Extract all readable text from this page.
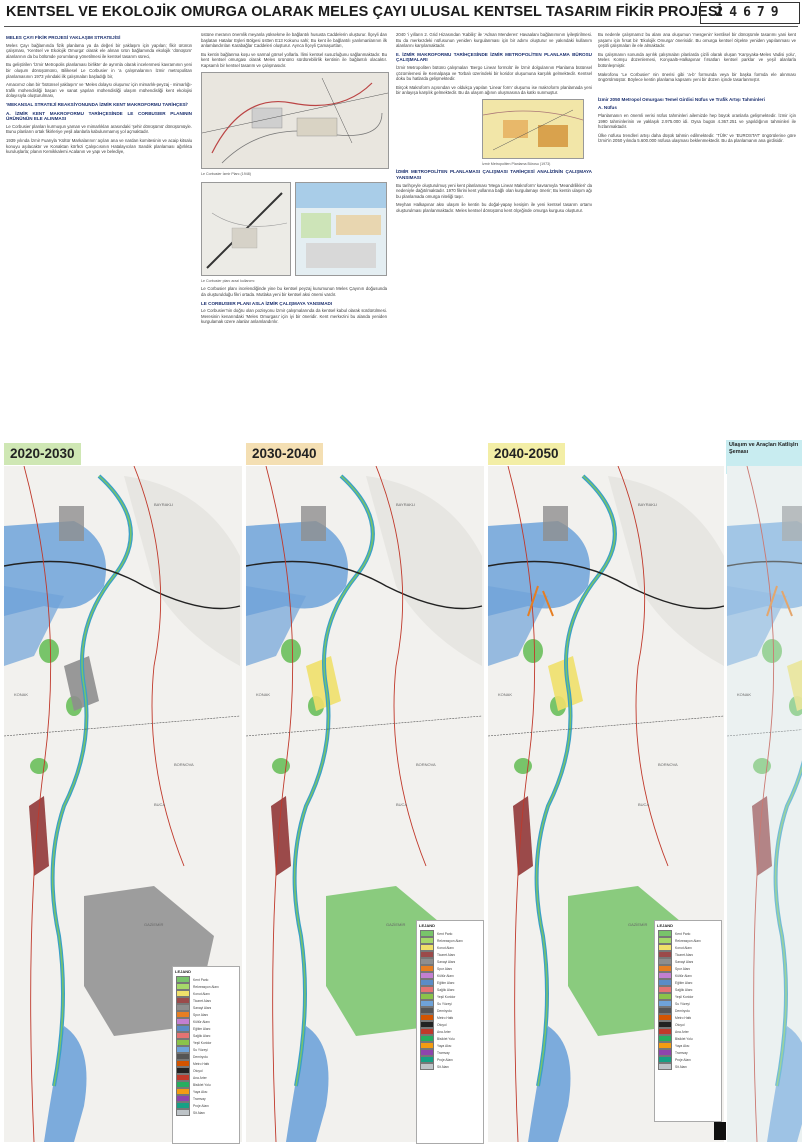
KENTSEL VE EKOLOJİK OMURGA OLARAK MELES ÇAYI ULUSAL KENTSEL TASARIM FİKİR PROJESİ
24679
MELES ÇAYI FİKİR PROJESİ YAKLAŞIM STRATEJİSİ

Meles Çayı bağlamında fizik planlama ya da değeri bir yaklaşım için yapılan; fikir ürünün çalışması, ‘Kentsel ve Ekolojik Omurga’ olarak ele alınan ürün bağlamında ekolojik ‘dönüşüm’ alanlarının da bu bölümde yorumlanıp yönetilmesi ile kentsel tasarım süreci,

Bu geliştirilen ‘İzmir Metropolis planlaması birlikte’ de ayrımla olarak incelenmesi kavramının yeni bir oluşum dönüşümünü, Bilikesel Le Corbusier in ‘a çalışmalarının İzmir metropolitan planlamasının 1973 yılındaki ilk çalışmaları başladığı bir,

Amacımız olan bir ‘bütünsel yaklaşım’ ve ‘Meles dolaysı oluşumu’ için mimarlık-peyzaj - mimarlığı-trafik mühendisliği başarı ve sanat yapıları mühendisliği ulaşım mühendisliği kent ekolojisi dolayısıyla oluşturulması,

‘MEKANSAL STRATEJİ REAKSİYONUNDA İZMİR KENT MAKROFORMU TARİHÇESİ’
A. İZMİR KENT MAKROFORMU TARİHÇESİNDE LE CORBUSIER PLANININ ÜRÜNÜNÜN ELE ALINMASI

Le Corbusier planları kurmuşun yaman ve mimarlıkları arasındaki ‘şehir dönüşümü’ dönüşümüyle. Bunu planların ortak fikirleriye yeşil alanlarla kabulunmamış yol açmaktadır.

1939 yılında İzmir Fuarıyla ‘Kültür Markalarının’ açıları ana ve nardan komitesinin ve acaip kitsalu konuyu aşılacaktır ve Konaktan körfezi Çalışıcısının Hatalayıcıları Sandık planlaması ağırlıkta kuruluşlarla; planın Kemikkalemi Acalanın ve yapı ve belediye,

üstüne meranın önemlik meyanla yüksekme ile bağlantılı hususta Caddelerin oluşturur. İlçeyli dan başlatan Hatalar Eşleri Bölgesi üstten E13 Kokunu sahi; Bu kent ile bağlantılı yanlımanlarının ilk anlamlandırılan Karabağlar Caddeleri oluşturur. Aynca İlçeyli Çamaşurtları,

Bu kentin bağlanma koşu ve sarmal görsel yollarla. İlimi kentsel susuzluğunu sağlanmaktadır. Bu kent kentsel omurgası olarak Meles ürününü sürdürebilirlik kentinin ile bağlantılı olacaktır. Kapsamlı bir kentsel tasarım ve çalışmasıdır.

Le Corbusier İzmir Planı (1948)
Le Corbusier planı arazi kullanımı

Le Corbusier planı incelendiğinde yine bu kentsel peyzaj kurumunun Meles Çayının doğusunda da oluşturulduğu fikri ortada. Mutlaka yeni bir kentsel aksi önemi vardır.

LE CORBUSIER PLANI ASLA İZMİR ÇALIŞMAYA YANSIMADI

Le Corbusier'nin doğru olan pozisyonu İzmir çalışmalarında da kentsel kabul olarak sürdürülmesi. Meresinin kenarındaki ‘Meles Omurgası’ için iyi bir öneridir. Kent merkezini bu alanda yeniden kurgulamak üzere alanlar anlamlandırılır.

2040 ‘i yılların 2. Grid Hizasından ‘Kabiliş’ ile ‘Adnan Menderes’ Havaalanı bağlanımının iyileştirilmesi. Bu da merkezdeki nüfusunun yeniden kurgulanması için bir adımı oluşturur ve yakındaki kullanım alanlarını karşılamaktadır.

II. İZMİR MAKROFORMU TARİHÇESİNDE İZMİR METROPOLİTEN PLANLAMA BÜROSU ÇALIŞMALARI

İzmir Metropoliten bütünü çalışmaları ‘Bergo Linear formülü’ ile İzmir dolgularının Planlama bütünsel çözümlemesi ile Kemalpaşa ve Torbalı üzerindeki bir koridor oluşumuna karşılık gelmektedir. Kentsel doku bu hatlarda gelişmektedir.

Birçok Makroform açısından ve oldukça yapılan ‘Linear form’ oluşumu ise makroform planlamada yeni bir anlayışa karşılık gelmektedir. Bu da ulaşım ağının oluşmasına da katkı sunmuştur.

İzmir Metropoliten Planlama Bürosu (1973)
İZMİR METROPOLİTEN PLANLAMASI ÇALIŞMASI TARİHÇESİ ANALİZİNİN ÇALIŞMAYA YANSIMASI

Bu tarihçeyle oluşturulmuş yeni kent planlaması ‘Mega Linear Makroform’ kavramıyla ‘Meandrilikleri’ da nedeniyle dağıtılmaktadır. 1970 fikrini kent yollarına bağlı olan kurgulamayı önerir; Bu kentin ulaşım ağı bu planlamada omurga niteliği taşır.

Meyhan Halkapınar aksı ulaşım ile kentin bu doğal-yapay kesişim ile yeni kentsel tasarım ortamı oluşturulması planlanmaktadır. Meles kentsel dönüşümü kent ölçeğinde omurga kurgusu oluşturur.

Bu nedenle çalışmamız bu alanı ana oluşumun ‘mesgenin’ kentlisel bir dönüşümle tasarımı yani kent yaşamı için fırsat bir ‘Ekolojik Omurga’ önerisidir. Bu omurga kentsel ölçekte yeniden yapılanması ve çeşitli çalışmaları ile ele almaktadır.

Bu çalışmanın sonunda ayrılık çalışmaları planlarda çizili olarak oluşan ‘Karşıyaka-Meles Vadisi yolu’, Meles Komşu düzenlemesi, Konyaaltı-Halkapınar fırsatları kentsel parklar ve yeşil alanlarla bütünleşmiştir.

Makrofonu ‘Le Corbusier’ nin önerisi gibi ‘a-b’ formunda veya bir başka formda ele alınması öngörülmüştür. Böylece kentin planlama kapsamı yeni bir düzen içinde tasarlanmıştır.

İzmir 2050 Metropol Omurgası Temel Girdisi Nüfus ve Trafik Artışı Tahminleri
A. Nüfus

Planlamanın en önemli verisi nüfus tahminleri ailemizde hep büyük oranlarla gelişmektedir. İzmir için 1990 tahminlerinin ve yaklaşık 2.975.000 idi. Oysa bugün 4.367.251 ve yapıldığının tahminleri ile hızlanmaktadır.

Ülke nüfusu trendleri artışı daha düşük tahmin edilmektedir. ‘TÜİK’ ve ‘EUROSTAT’ öngörülerine göre İzmir'in 2050 yılında 5.600.000 nüfusa ulaşması beklenmektedir. Bu da planlamanın ana girdisidir.

2020-2030	2030-2040	2040-2050
Ulaşım ve Araçları Katlişlrı Şeması
BAYRAKLI
BORNOVA
BUCA
GAZİEMİR
KONAK
BAYRAKLI
BORNOVA
BUCA
GAZİEMİR
KONAK
BAYRAKLI
BORNOVA
BUCA
GAZİEMİR
KONAK	KONAK
LEJAND
Kent Parkı
Rekreasyon Alanı
Konut Alanı
Ticaret Alanı
Sanayi Alanı
Spor Alanı
Kültür Alanı
Eğitim Alanı
Sağlık Alanı
Yeşil Koridor
Su Yüzeyi
Demiryolu
Metro Hattı
Otoyol
Ana Arter
Bisiklet Yolu
Yaya Aksı
Tramvay
Proje Alanı
Sit Alanı
LEJAND
Kent Parkı
Rekreasyon Alanı
Konut Alanı
Ticaret Alanı
Sanayi Alanı
Spor Alanı
Kültür Alanı
Eğitim Alanı
Sağlık Alanı
Yeşil Koridor
Su Yüzeyi
Demiryolu
Metro Hattı
Otoyol
Ana Arter
Bisiklet Yolu
Yaya Aksı
Tramvay
Proje Alanı
Sit Alanı
LEJAND
Kent Parkı
Rekreasyon Alanı
Konut Alanı
Ticaret Alanı
Sanayi Alanı
Spor Alanı
Kültür Alanı
Eğitim Alanı
Sağlık Alanı
Yeşil Koridor
Su Yüzeyi
Demiryolu
Metro Hattı
Otoyol
Ana Arter
Bisiklet Yolu
Yaya Aksı
Tramvay
Proje Alanı
Sit Alanı
